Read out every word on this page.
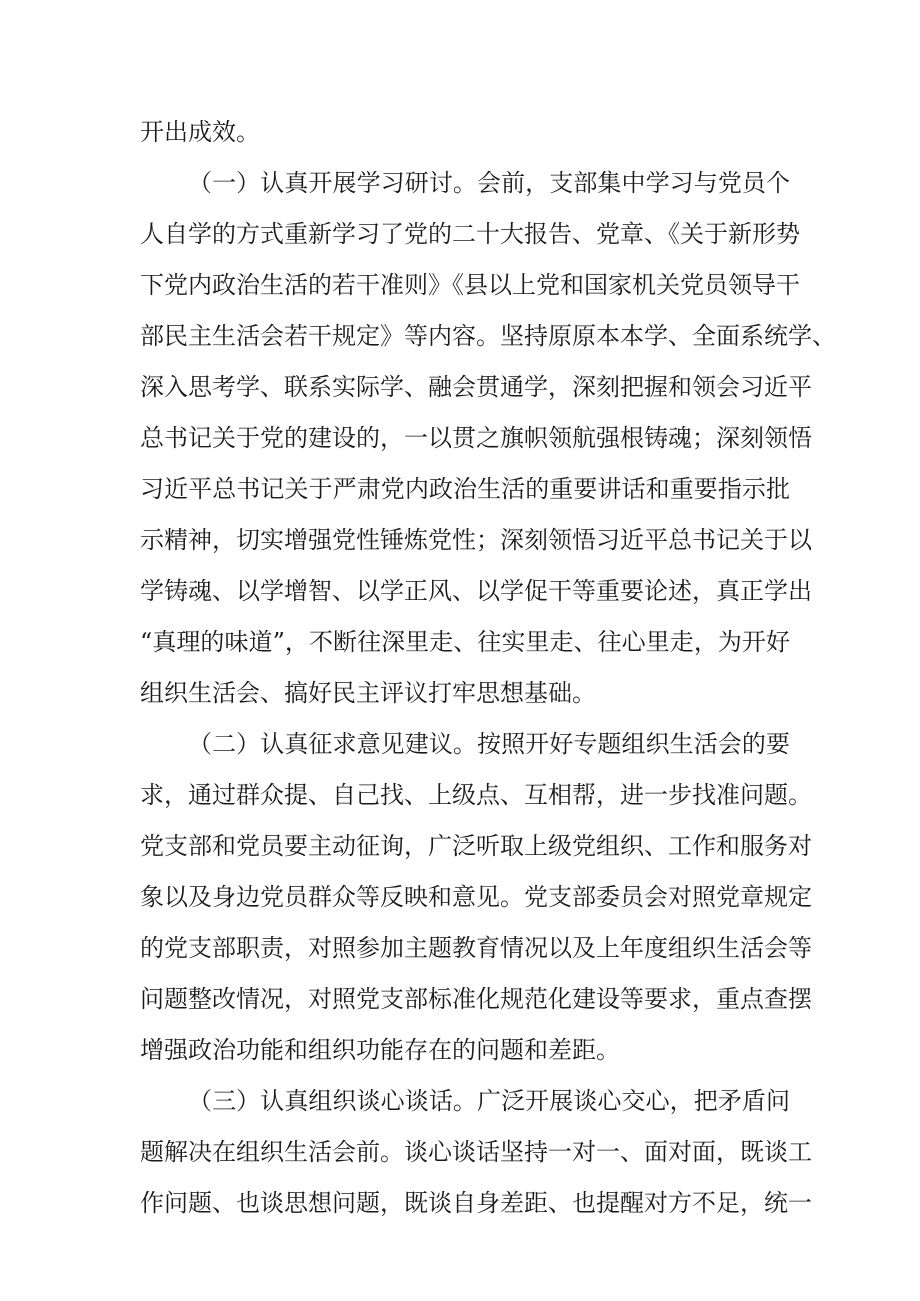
开出成效。
（一）认真开展学习研讨。会前，支部集中学习与党员个
人自学的方式重新学习了党的二十大报告、党章、《关于新形势
下党内政治生活的若干准则》《县以上党和国家机关党员领导干
部民主生活会若干规定》等内容。坚持原原本本学、全面系统学、
深入思考学、联系实际学、融会贯通学，深刻把握和领会习近平
总书记关于党的建设的，一以贯之旗帜领航强根铸魂；深刻领悟
习近平总书记关于严肃党内政治生活的重要讲话和重要指示批
示精神，切实增强党性锤炼党性；深刻领悟习近平总书记关于以
学铸魂、以学增智、以学正风、以学促干等重要论述，真正学出
“真理的味道”，不断往深里走、往实里走、往心里走，为开好
组织生活会、搞好民主评议打牢思想基础。
（二）认真征求意见建议。按照开好专题组织生活会的要
求，通过群众提、自己找、上级点、互相帮，进一步找准问题。
党支部和党员要主动征询，广泛听取上级党组织、工作和服务对
象以及身边党员群众等反映和意见。党支部委员会对照党章规定
的党支部职责，对照参加主题教育情况以及上年度组织生活会等
问题整改情况，对照党支部标准化规范化建设等要求，重点查摆
增强政治功能和组织功能存在的问题和差距。
（三）认真组织谈心谈话。广泛开展谈心交心，把矛盾问
题解决在组织生活会前。谈心谈话坚持一对一、面对面，既谈工
作问题、也谈思想问题，既谈自身差距、也提醒对方不足，统一
